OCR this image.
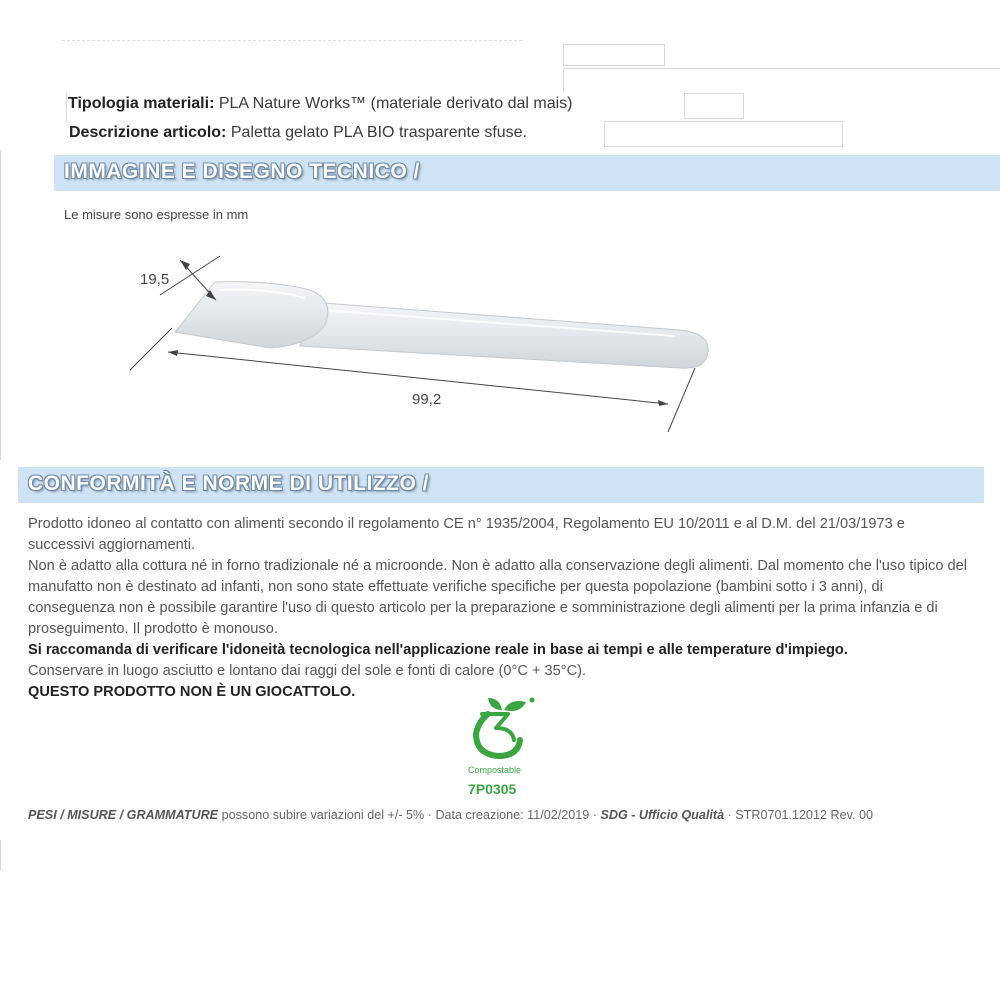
Tipologia materiali: PLA Nature Works™ (materiale derivato dal mais)
Descrizione articolo: Paletta gelato PLA BIO trasparente sfuse.
IMMAGINE E DISEGNO TECNICO /
Le misure sono espresse in mm
19,5
99,2
CONFORMITÀ E NORME DI UTILIZZO /

Prodotto idoneo al contatto con alimenti secondo il regolamento CE n° 1935/2004, Regolamento EU 10/2011 e al D.M. del 21/03/1973 e successivi aggiornamenti.

Non è adatto alla cottura né in forno tradizionale né a microonde. Non è adatto alla conservazione degli alimenti. Dal momento che l'uso tipico del manufatto non è destinato ad infanti, non sono state effettuate verifiche specifiche per questa popolazione (bambini sotto i 3 anni), di conseguenza non è possibile garantire l'uso di questo articolo per la preparazione e somministrazione degli alimenti per la prima infanzia e di proseguimento. Il prodotto è monouso.

Si raccomanda di verificare l'idoneità tecnologica nell'applicazione reale in base ai tempi e alle temperature d'impiego.

Conservare in luogo asciutto e lontano dai raggi del sole e fonti di calore (0°C + 35°C).

QUESTO PRODOTTO NON È UN GIOCATTOLO.

Compostable
7P0305
PESI / MISURE / GRAMMATURE possono subire variazioni del +/- 5% · Data creazione: 11/02/2019 · SDG - Ufficio Qualità · STR0701.12012 Rev. 00
